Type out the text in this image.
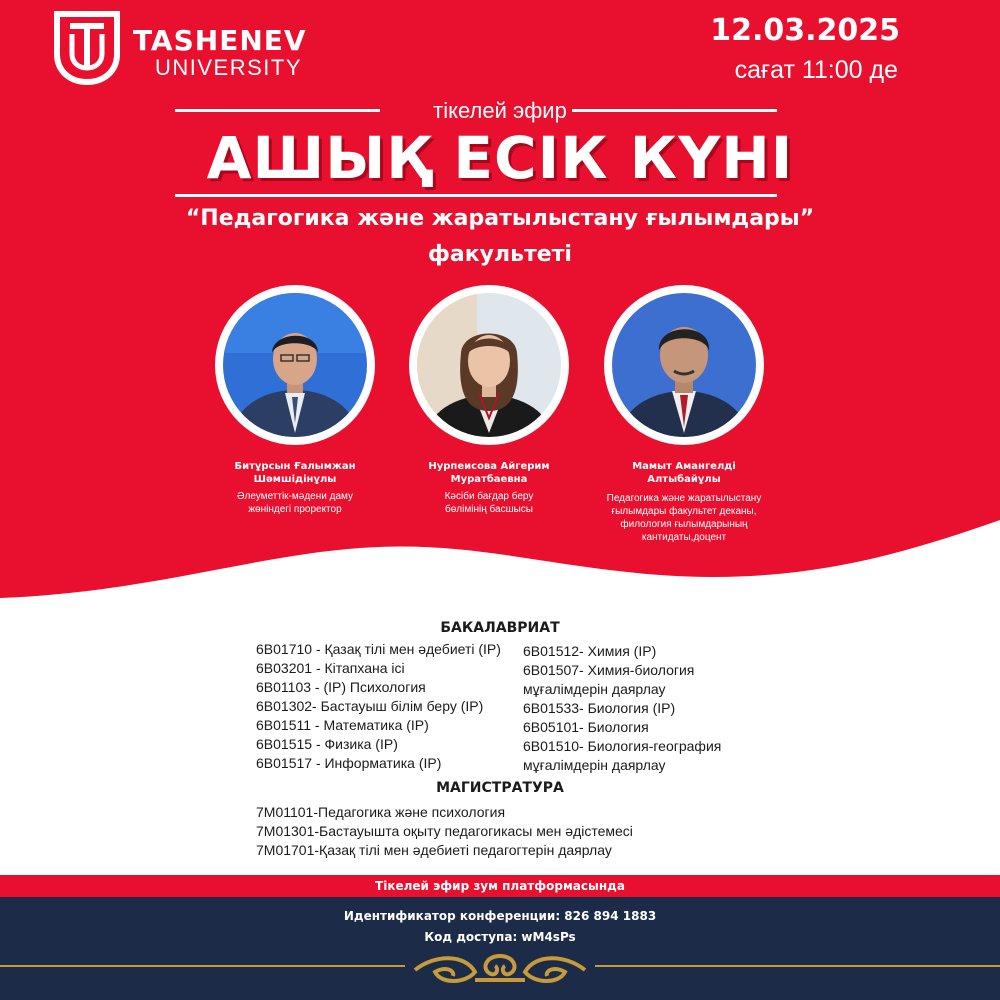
TASHENEV
UNIVERSITY
12.03.2025
сағат 11:00 де
тікелей эфир
АШЫҚ ЕСІК КҮНІ
“Педагогика және жаратылыстану ғылымдары”
факультеті
Битұрсын Ғалымжан
Шәмшідінұлы
Әлеуметтік-мәдени даму
жөніндегі проректор
Нурпеисова Айгерим
Муратбаевна
Кәсіби бағдар беру
бөлімінің басшысы
Мамыт Амангелді
Алтыбайұлы
Педагогика және жаратылыстану
ғылымдары факультет деканы,
филология ғылымдарының
кантидаты,доцент
БАКАЛАВРИАТ
6В01710 - Қазақ тілі мен әдебиеті (IP)
6В03201 - Кітапхана ісі
6В01103 - (IP) Психология
6В01302- Бастауыш білім беру (IP)
6В01511 - Математика (IP)
6В01515 - Физика (IP)
6В01517 - Информатика (IP)
6В01512- Химия (IP)
6В01507- Химия-биология
мұғалімдерін даярлау
6В01533- Биология (IP)
6В05101- Биология
6В01510- Биология-география
мұғалімдерін даярлау
МАГИСТРАТУРА
7М01101-Педагогика және психология
7М01301-Бастауышта оқыту педагогикасы мен әдістемесі
7М01701-Қазақ тілі мен әдебиеті педагогтерін даярлау
Тікелей эфир зум платформасында
Идентификатор конференции: 826 894 1883
Код доступа: wM4sPs
